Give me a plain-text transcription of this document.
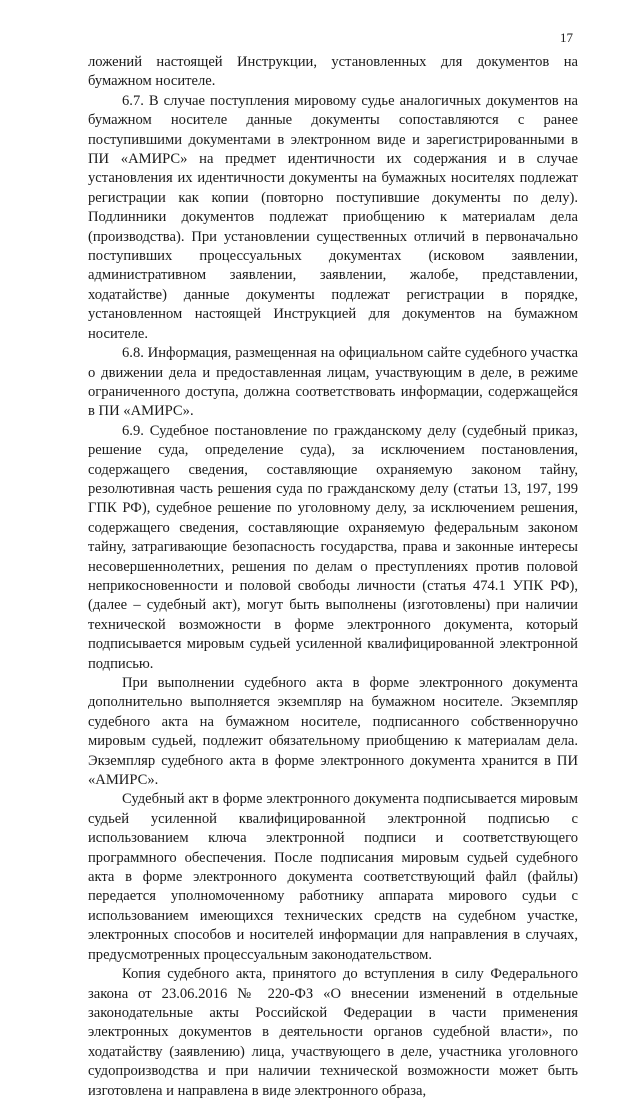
17

ложений настоящей Инструкции, установленных для документов на бумажном носителе.

6.7. В случае поступления мировому судье аналогичных документов на бумажном носителе данные документы сопоставляются с ранее поступившими документами в электронном виде и зарегистрированными в ПИ «АМИРС» на предмет идентичности их содержания и в случае установления их идентичности документы на бумажных носителях подлежат регистрации как копии (повторно поступившие документы по делу). Подлинники документов подлежат приобщению к материалам дела (производства). При установлении существенных отличий в первоначально поступивших процессуальных документах (исковом заявлении, административном заявлении, заявлении, жалобе, представлении, ходатайстве) данные документы подлежат регистрации в порядке, установленном настоящей Инструкцией для документов на бумажном носителе.

6.8. Информация, размещенная на официальном сайте судебного участка о движении дела и предоставленная лицам, участвующим в деле, в режиме ограниченного доступа, должна соответствовать информации, содержащейся в ПИ «АМИРС».

6.9. Судебное постановление по гражданскому делу (судебный приказ, решение суда, определение суда), за исключением постановления, содержащего сведения, составляющие охраняемую законом тайну, резолютивная часть решения суда по гражданскому делу (статьи 13, 197, 199 ГПК РФ), судебное решение по уголовному делу, за исключением решения, содержащего сведения, составляющие охраняемую федеральным законом тайну, затрагивающие безопасность государства, права и законные интересы несовершеннолетних, решения по делам о преступлениях против половой неприкосновенности и половой свободы личности (статья 474.1 УПК РФ), (далее – судебный акт), могут быть выполнены (изготовлены) при наличии технической возможности в форме электронного документа, который подписывается мировым судьей усиленной квалифицированной электронной подписью.

При выполнении судебного акта в форме электронного документа дополнительно выполняется экземпляр на бумажном носителе. Экземпляр судебного акта на бумажном носителе, подписанного собственноручно мировым судьей, подлежит обязательному приобщению к материалам дела. Экземпляр судебного акта в форме электронного документа хранится в ПИ «АМИРС».

Судебный акт в форме электронного документа подписывается мировым судьей усиленной квалифицированной электронной подписью с использованием ключа электронной подписи и соответствующего программного обеспечения. После подписания мировым судьей судебного акта в форме электронного документа соответствующий файл (файлы) передается уполномоченному работнику аппарата мирового судьи с использованием имеющихся технических средств на судебном участке, электронных способов и носителей информации для направления в случаях, предусмотренных процессуальным законодательством.

Копия судебного акта, принятого до вступления в силу Федерального закона от 23.06.2016 № 220-ФЗ «О внесении изменений в отдельные законодательные акты Российской Федерации в части применения электронных документов в деятельности органов судебной власти», по ходатайству (заявлению) лица, участвующего в деле, участника уголовного судопроизводства и при наличии технической возможности может быть изготовлена и направлена в виде электронного образа,
